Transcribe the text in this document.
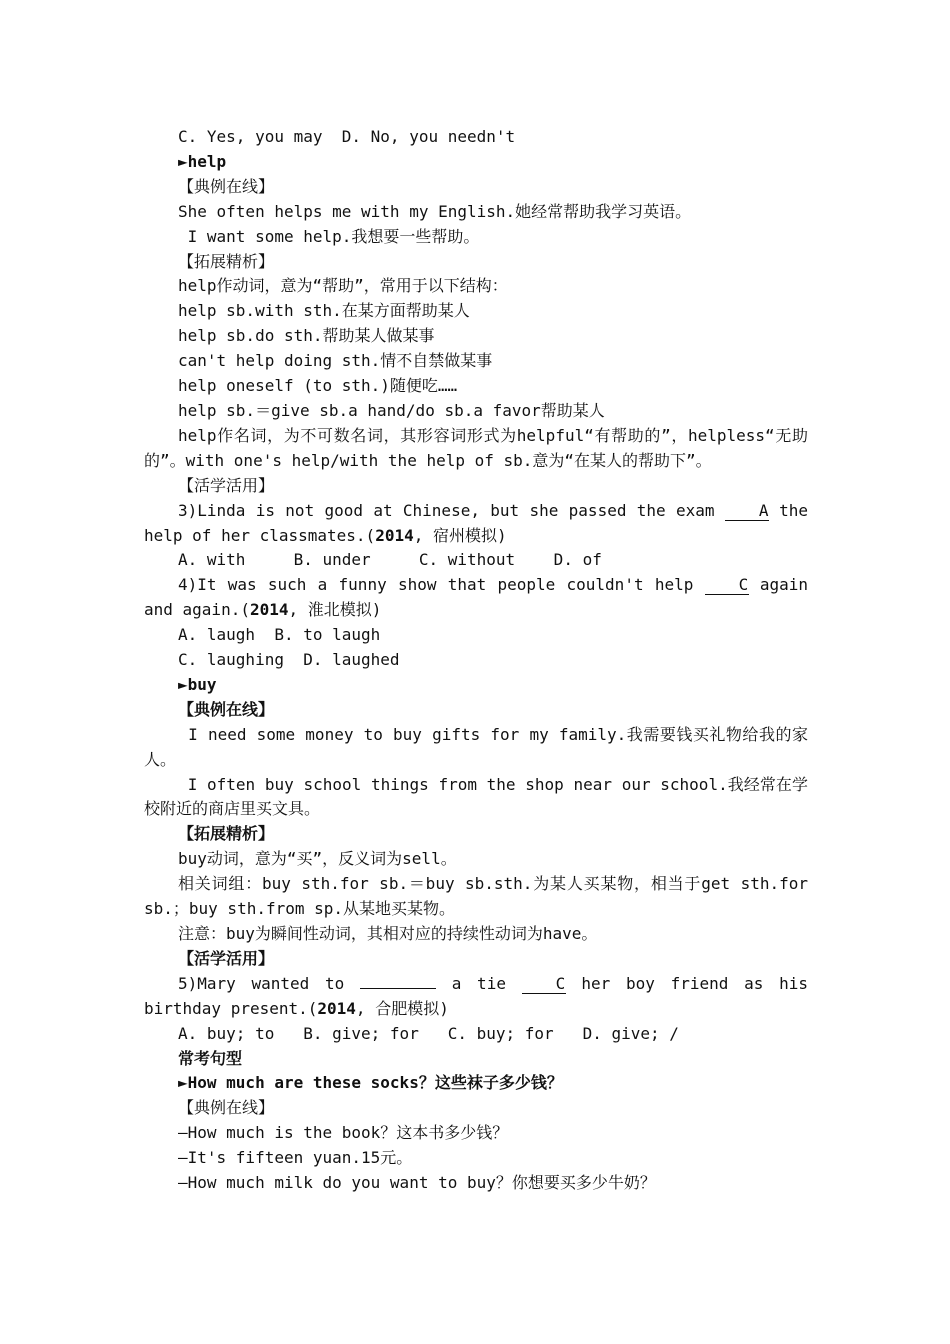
C. Yes, you may  D. No, you needn't

►help

【典例在线】

She often helps me with my English.她经常帮助我学习英语。

I want some help.我想要一些帮助。

【拓展精析】

help作动词，意为“帮助”，常用于以下结构：

help sb.with sth.在某方面帮助某人

help sb.do sth.帮助某人做某事

can't help doing sth.情不自禁做某事

help oneself (to sth.)随便吃……

help sb.＝give sb.a hand/do sb.a favor帮助某人

help作名词，为不可数名词，其形容词形式为helpful“有帮助的”，helpless“无助的”。with one's help/with the help of sb.意为“在某人的帮助下”。

【活学活用】

3)Linda is not good at Chinese, but she passed the exam A the help of her classmates.(2014, 宿州模拟)

A. with     B. under     C. without    D. of

4)It was such a funny show that people couldn't help C again and again.(2014, 淮北模拟)

A. laugh  B. to laugh

C. laughing  D. laughed

►buy

【典例在线】

I need some money to buy gifts for my family.我需要钱买礼物给我的家人。

I often buy school things from the shop near our school.我经常在学校附近的商店里买文具。

【拓展精析】

buy动词，意为“买”，反义词为sell。

相关词组：buy sth.for sb.＝buy sb.sth.为某人买某物，相当于get sth.for sb.；buy sth.from sp.从某地买某物。

注意：buy为瞬间性动词，其相对应的持续性动词为have。

【活学活用】

5)Mary wanted to	a tie C her boy friend as his birthday present.(2014, 合肥模拟)

A. buy; to   B. give; for   C. buy; for   D. give; /

常考句型

►How much are these socks？这些袜子多少钱？

【典例在线】

—How much is the book？这本书多少钱？

—It's fifteen yuan.15元。

—How much milk do you want to buy？你想要买多少牛奶？
